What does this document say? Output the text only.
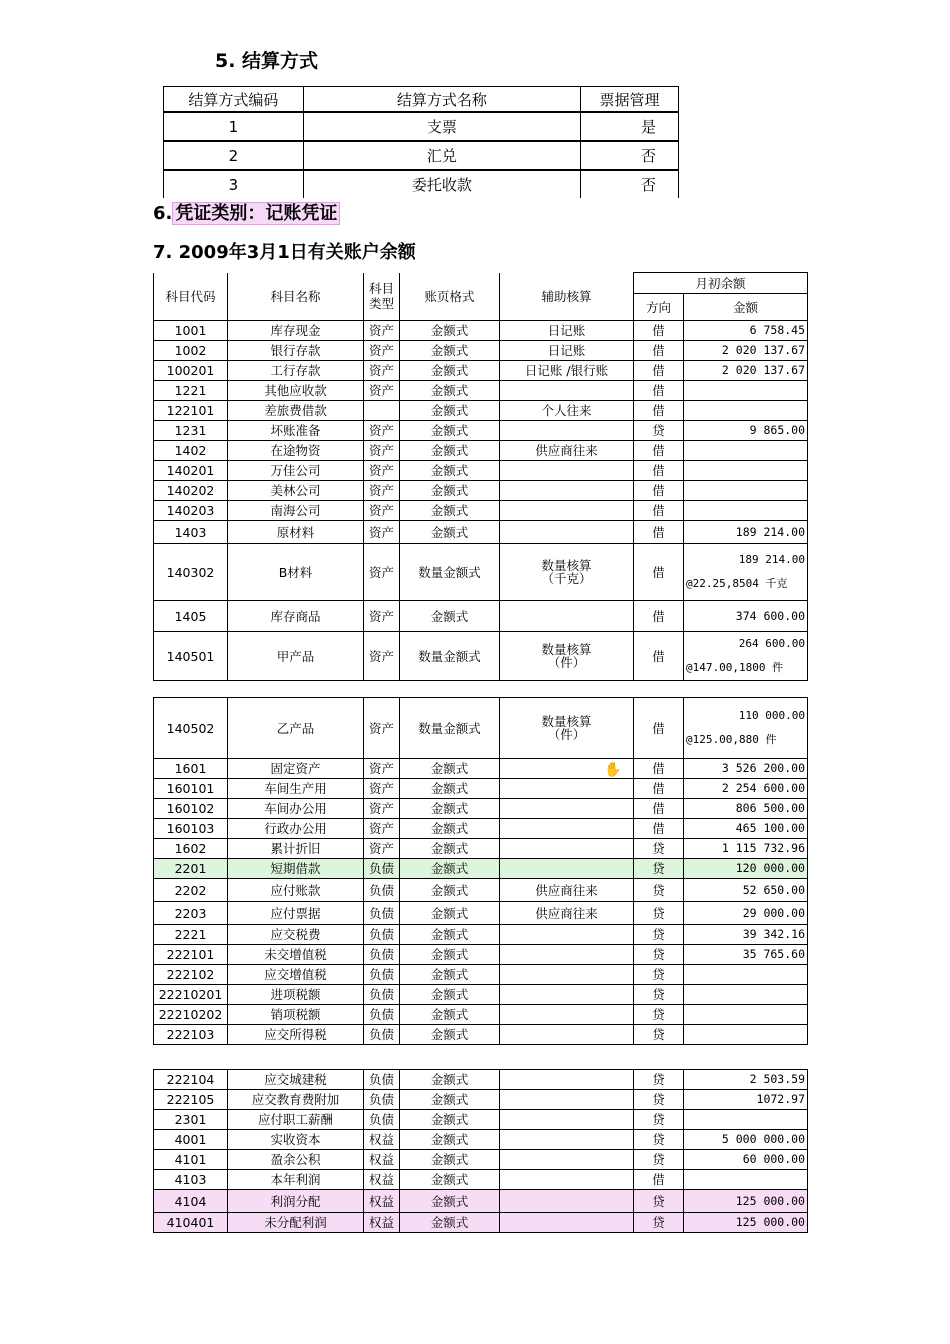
5. 结算方式
结算方式编码	结算方式名称	票据管理
1	支票	是
2	汇兑	否
3	委托收款	否
6. 凭证类别：记账凭证
7. 2009年3月1日有关账户余额
科目代码	科目名称	科目类型	账页格式	辅助核算	月初余额	
					方向	金额
1001	库存现金	资产	金额式	日记账	借	6 758.45
1002	银行存款	资产	金额式	日记账	借	2 020 137.67
100201	工行存款	资产	金额式	日记账 /银行账	借	2 020 137.67
1221	其他应收款	资产	金额式		借	
122101	差旅费借款		金额式	个人往来	借	
1231	坏账准备	资产	金额式		贷	9 865.00
1402	在途物资	资产	金额式	供应商往来	借	
140201	万佳公司	资产	金额式		借	
140202	美林公司	资产	金额式		借	
140203	南海公司	资产	金额式		借	
1403	原材料	资产	金额式		借	189 214.00
140302	B材料	资产	数量金额式	数量核算（千克）	借	189 214.00
@22.25,8504 千克

1405	库存商品	资产	金额式		借	374 600.00
140501	甲产品	资产	数量金额式	数量核算（件）	借	264 600.00
@147.00,1800 件
140502	乙产品	资产	数量金额式	数量核算（件）	借	110 000.00
@125.00,880 件

1601	固定资产	资产	金额式		借	3 526 200.00
160101	车间生产用	资产	金额式		借	2 254 600.00
160102	车间办公用	资产	金额式		借	806 500.00
160103	行政办公用	资产	金额式		借	465 100.00
1602	累计折旧	资产	金额式		贷	1 115 732.96
2201	短期借款	负债	金额式		贷	120 000.00
2202	应付账款	负债	金额式	供应商往来	贷	52 650.00
2203	应付票据	负债	金额式	供应商往来	贷	29 000.00
2221	应交税费	负债	金额式		贷	39 342.16
222101	未交增值税	负债	金额式		贷	35 765.60
222102	应交增值税	负债	金额式		贷	
22210201	进项税额	负债	金额式		贷	
22210202	销项税额	负债	金额式		贷	
222103	应交所得税	负债	金额式		贷	
222104	应交城建税	负债	金额式		贷	2 503.59
222105	应交教育费附加	负债	金额式		贷	1072.97
2301	应付职工薪酬	负债	金额式		贷	
4001	实收资本	权益	金额式		贷	5 000 000.00
4101	盈余公积	权益	金额式		贷	60 000.00
4103	本年利润	权益	金额式		借	
4104	利润分配	权益	金额式		贷	125 000.00
410401	未分配利润	权益	金额式		贷	125 000.00
✋
